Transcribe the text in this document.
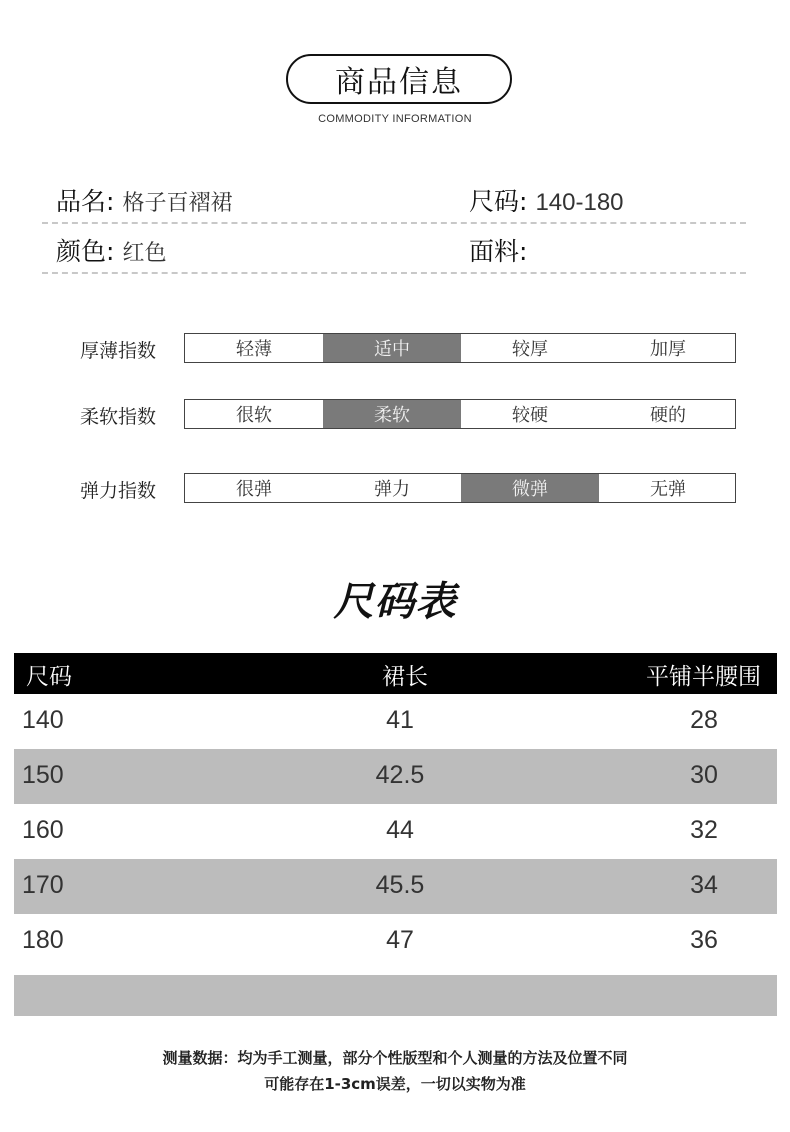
商品信息
COMMODITY INFORMATION
品名: 格子百褶裙	尺码: 140-180
颜色: 红色	面料:
厚薄指数	轻薄	适中	较厚	加厚
柔软指数	很软	柔软	较硬	硬的
弹力指数	很弹	弹力	微弹	无弹
尺码表
尺码	裙长	平铺半腰围
140	41	28
150	42.5	30
160	44	32
170	45.5	34
180	47	36
测量数据：均为手工测量，部分个性版型和个人测量的方法及位置不同
可能存在1-3cm误差，一切以实物为准
